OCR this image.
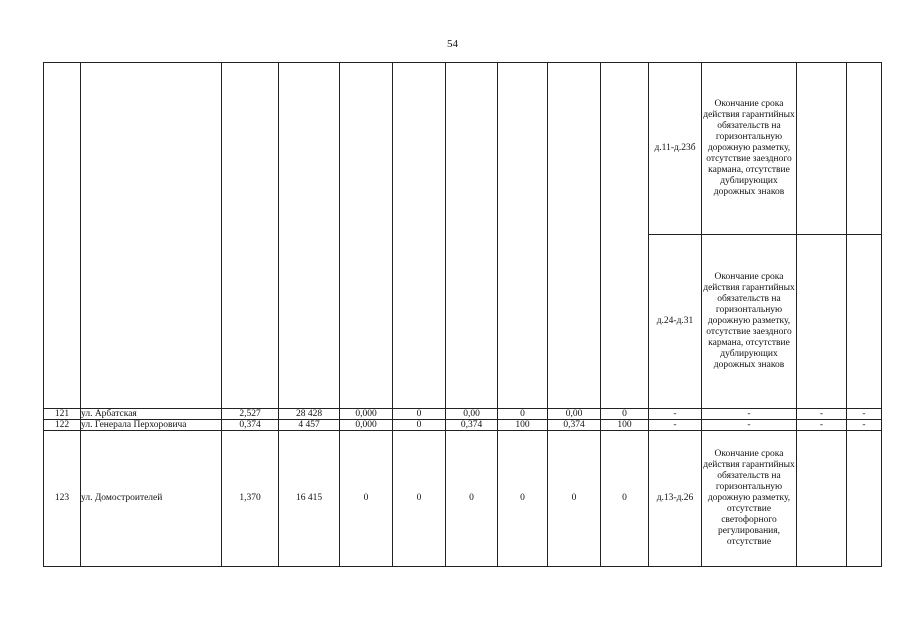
54
										д.11-д.23б	Окончание срока действия гарантийных обязательств на горизонтальную дорожную разметку, отсутствие заездного кармана, отсутствие дублирующих дорожных знаков		
										д.24-д.31	Окончание срока действия гарантийных обязательств на горизонтальную дорожную разметку, отсутствие заездного кармана, отсутствие дублирующих дорожных знаков		
121	ул. Арбатская	2,527	28 428	0,000	0	0,00	0	0,00	0	-	-	-	-
122	ул. Генерала Перхоровича	0,374	4 457	0,000	0	0,374	100	0,374	100	-	-	-	-
123	ул. Домостроителей	1,370	16 415	0	0	0	0	0	0	д.13-д.26	Окончание срока действия гарантийных обязательств на горизонтальную дорожную разметку, отсутствие светофорного регулирования, отсутствие		
